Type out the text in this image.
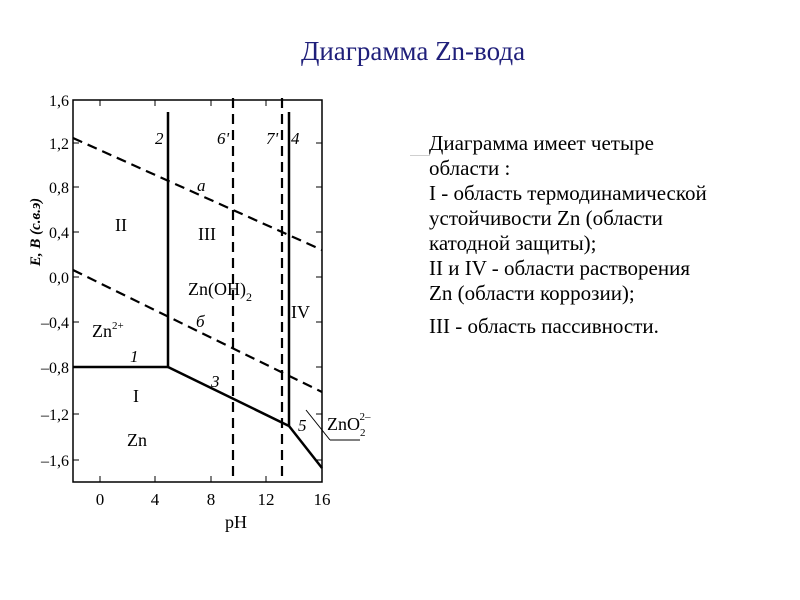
Диаграмма Zn-вода
1,6
1,2
0,8
0,4
0,0
–0,4
–0,8
–1,2
–1,6
0	4	8 12 16
pH
E, B (с.в.э)
1
2
3
4
5
6' 7'
a
б
II	III
IV
I
Zn
$Zn^{2+}$
$Zn(OH)_2$
ZnO$_2$2–

Диаграмма имеет четыре

области :

I - область термодинамической

устойчивости Zn (области

катодной защиты);

II и IV - области растворения

Zn (области коррозии);

III - область пассивности.
